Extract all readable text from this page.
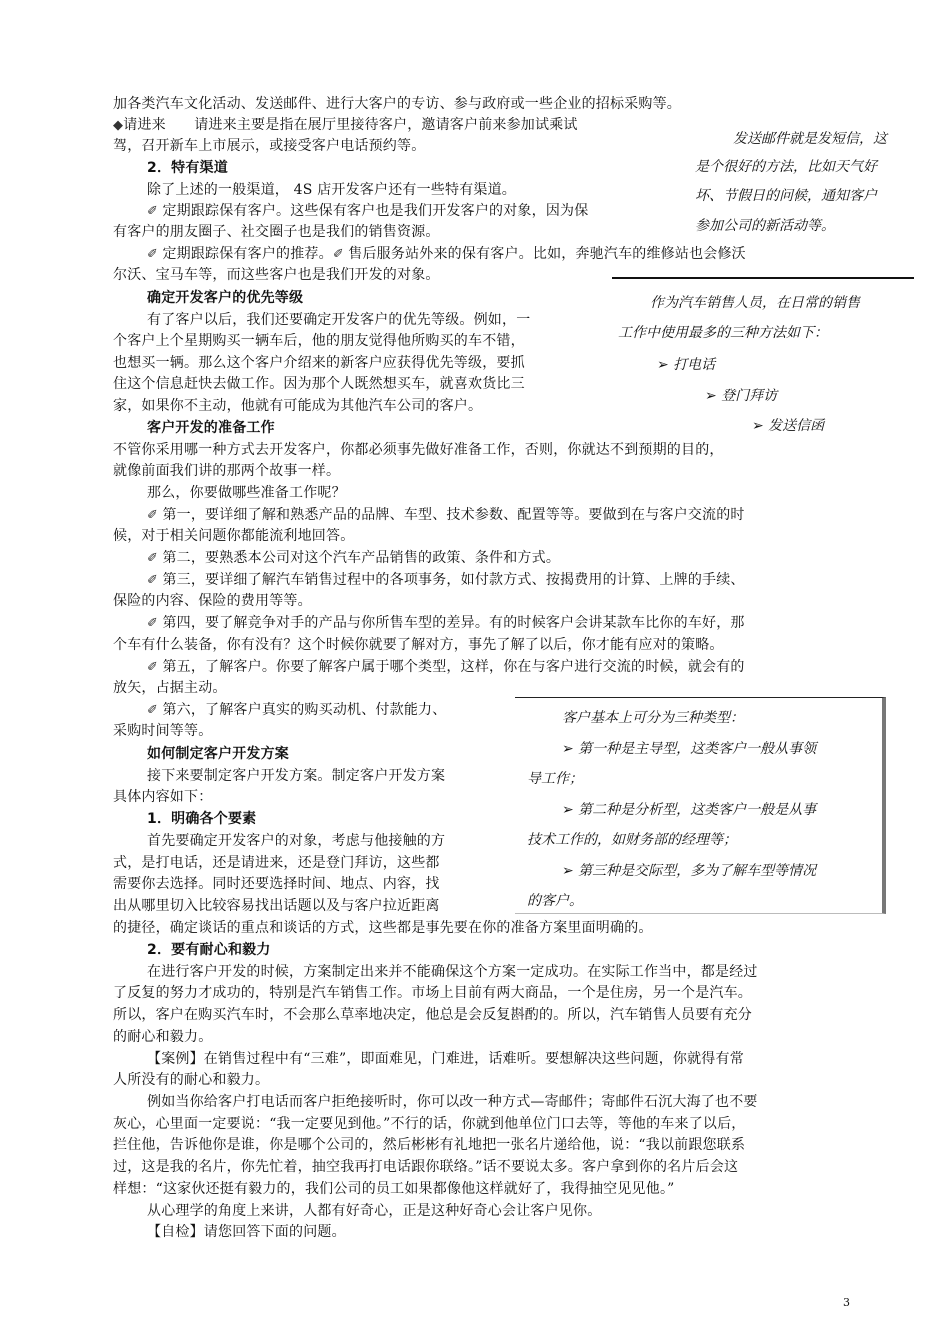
加各类汽车文化活动、发送邮件、进行大客户的专访、参与政府或一些企业的招标采购等。
◆请进来　　请进来主要是指在展厅里接待客户，邀请客户前来参加试乘试
驾，召开新车上市展示，或接受客户电话预约等。
2．特有渠道
除了上述的一般渠道， 4S 店开发客户还有一些特有渠道。
✐ 定期跟踪保有客户。这些保有客户也是我们开发客户的对象，因为保
有客户的朋友圈子、社交圈子也是我们的销售资源。
✐ 定期跟踪保有客户的推荐。✐ 售后服务站外来的保有客户。比如，奔驰汽车的维修站也会修沃
尔沃、宝马车等，而这些客户也是我们开发的对象。
确定开发客户的优先等级
有了客户以后，我们还要确定开发客户的优先等级。例如，一
个客户上个星期购买一辆车后，他的朋友觉得他所购买的车不错，
也想买一辆。那么这个客户介绍来的新客户应获得优先等级，要抓
住这个信息赶快去做工作。因为那个人既然想买车，就喜欢货比三
家，如果你不主动，他就有可能成为其他汽车公司的客户。
客户开发的准备工作
不管你采用哪一种方式去开发客户，你都必须事先做好准备工作，否则，你就达不到预期的目的，
就像前面我们讲的那两个故事一样。
那么，你要做哪些准备工作呢？
✐ 第一，要详细了解和熟悉产品的品牌、车型、技术参数、配置等等。要做到在与客户交流的时
候，对于相关问题你都能流利地回答。
✐ 第二，要熟悉本公司对这个汽车产品销售的政策、条件和方式。
✐ 第三，要详细了解汽车销售过程中的各项事务，如付款方式、按揭费用的计算、上牌的手续、
保险的内容、保险的费用等等。
✐ 第四，要了解竞争对手的产品与你所售车型的差异。有的时候客户会讲某款车比你的车好，那
个车有什么装备，你有没有？这个时候你就要了解对方，事先了解了以后，你才能有应对的策略。
✐ 第五，了解客户。你要了解客户属于哪个类型，这样，你在与客户进行交流的时候，就会有的
放矢，占据主动。
✐ 第六，了解客户真实的购买动机、付款能力、
采购时间等等。
如何制定客户开发方案
接下来要制定客户开发方案。制定客户开发方案
具体内容如下：
1．明确各个要素
首先要确定开发客户的对象，考虑与他接触的方
式，是打电话，还是请进来，还是登门拜访，这些都
需要你去选择。同时还要选择时间、地点、内容，找
出从哪里切入比较容易找出话题以及与客户拉近距离
的捷径，确定谈话的重点和谈话的方式，这些都是事先要在你的准备方案里面明确的。
2．要有耐心和毅力
在进行客户开发的时候，方案制定出来并不能确保这个方案一定成功。在实际工作当中，都是经过
了反复的努力才成功的，特别是汽车销售工作。市场上目前有两大商品，一个是住房，另一个是汽车。
所以，客户在购买汽车时，不会那么草率地决定，他总是会反复斟酌的。所以，汽车销售人员要有充分
的耐心和毅力。
【案例】在销售过程中有“三难”，即面难见，门难进，话难听。要想解决这些问题，你就得有常
人所没有的耐心和毅力。
例如当你给客户打电话而客户拒绝接听时，你可以改一种方式—寄邮件；寄邮件石沉大海了也不要
灰心，心里面一定要说：“我一定要见到他。”不行的话，你就到他单位门口去等，等他的车来了以后，
拦住他，告诉他你是谁，你是哪个公司的，然后彬彬有礼地把一张名片递给他，说：“我以前跟您联系
过，这是我的名片，你先忙着，抽空我再打电话跟你联络。”话不要说太多。客户拿到你的名片后会这
样想：“这家伙还挺有毅力的，我们公司的员工如果都像他这样就好了，我得抽空见见他。”
从心理学的角度上来讲，人都有好奇心，正是这种好奇心会让客户见你。
【自检】请您回答下面的问题。
发送邮件就是发短信，这
是个很好的方法，比如天气好
坏、节假日的问候，通知客户
参加公司的新活动等。
作为汽车销售人员，在日常的销售
工作中使用最多的三种方法如下：
➢ 打电话
➢ 登门拜访
➢ 发送信函
客户基本上可分为三种类型：
➢ 第一种是主导型，这类客户一般从事领
导工作；
➢ 第二种是分析型，这类客户一般是从事
技术工作的，如财务部的经理等；
➢ 第三种是交际型，多为了解车型等情况
的客户。
3
